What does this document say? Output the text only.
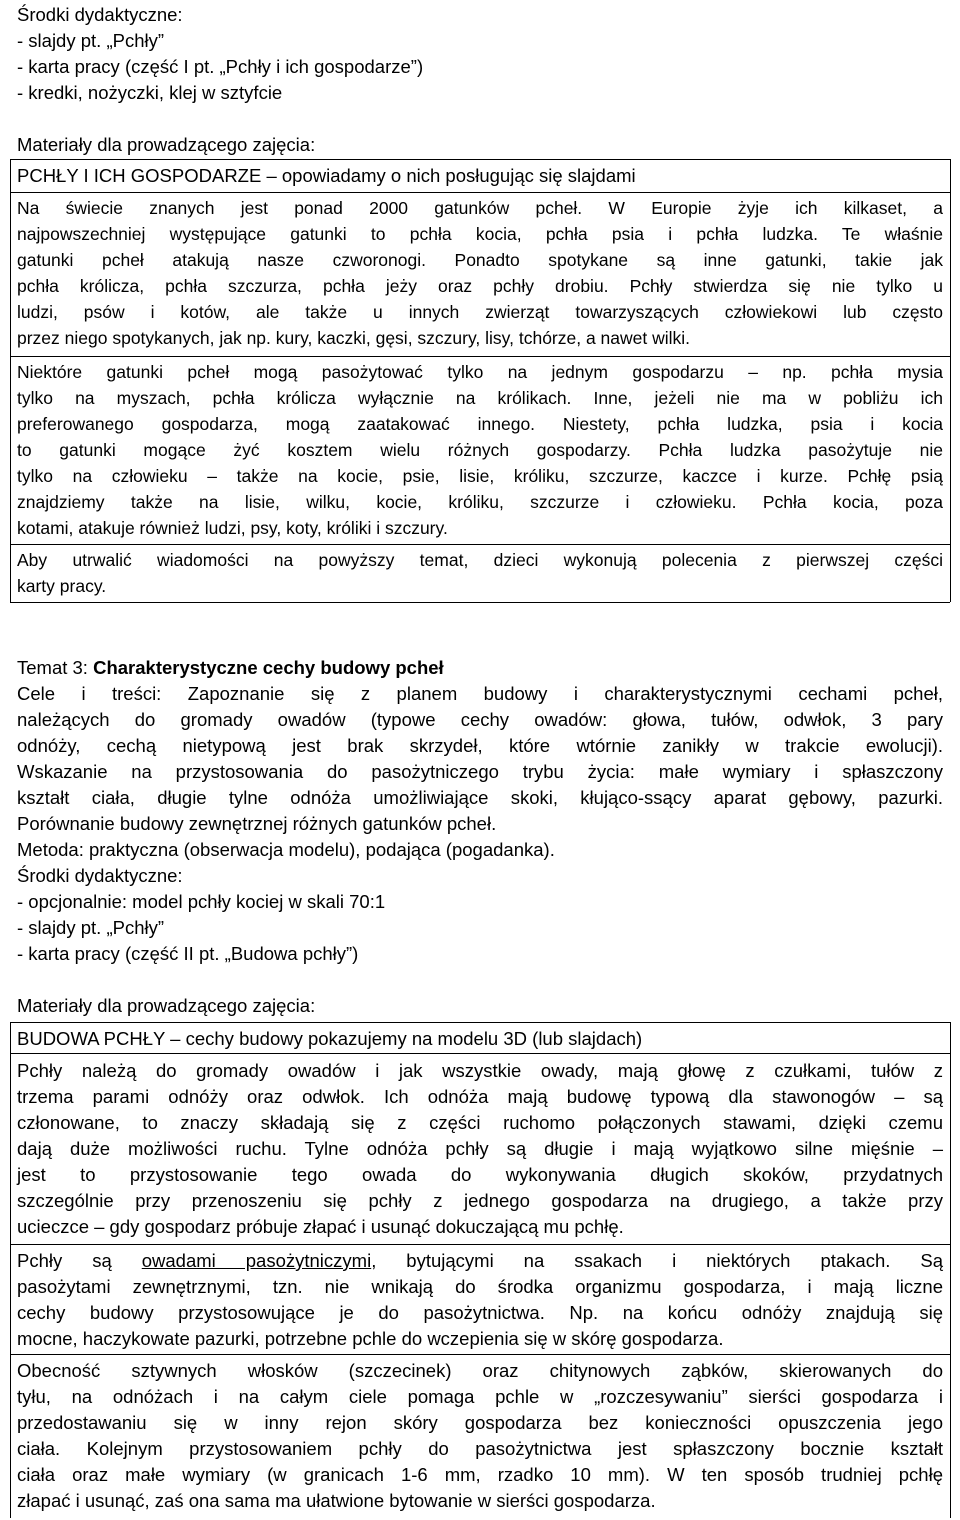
Środki dydaktyczne:
- slajdy pt. „Pchły”
- karta pracy (część I pt. „Pchły i ich gospodarze”)
- kredki, nożyczki, klej w sztyfcie
Materiały dla prowadzącego zajęcia:
PCHŁY I ICH GOSPODARZE – opowiadamy o nich posługując się slajdami
Na świecie znanych jest ponad 2000 gatunków pcheł. W Europie żyje ich kilkaset, a
najpowszechniej występujące gatunki to pchła kocia, pchła psia i pchła ludzka. Te właśnie
gatunki pcheł atakują nasze czworonogi. Ponadto spotykane są inne gatunki, takie jak
pchła królicza, pchła szczurza, pchła jeży oraz pchły drobiu. Pchły stwierdza się nie tylko u
ludzi, psów i kotów, ale także u innych zwierząt towarzyszących człowiekowi lub często
przez niego spotykanych, jak np. kury, kaczki, gęsi, szczury, lisy, tchórze, a nawet wilki.
Niektóre gatunki pcheł mogą pasożytować tylko na jednym gospodarzu – np. pchła mysia
tylko na myszach, pchła królicza wyłącznie na królikach. Inne, jeżeli nie ma w pobliżu ich
preferowanego gospodarza, mogą zaatakować innego. Niestety, pchła ludzka, psia i kocia
to gatunki mogące żyć kosztem wielu różnych gospodarzy. Pchła ludzka pasożytuje nie
tylko na człowieku – także na kocie, psie, lisie, króliku, szczurze, kaczce i kurze. Pchłę psią
znajdziemy także na lisie, wilku, kocie, króliku, szczurze i człowieku. Pchła kocia, poza
kotami, atakuje również ludzi, psy, koty, króliki i szczury.
Aby utrwalić wiadomości na powyższy temat, dzieci wykonują polecenia z pierwszej części
karty pracy.
Temat 3: Charakterystyczne cechy budowy pcheł
Cele i treści: Zapoznanie się z planem budowy i charakterystycznymi cechami pcheł,
należących do gromady owadów (typowe cechy owadów: głowa, tułów, odwłok, 3 pary
odnóży, cechą nietypową jest brak skrzydeł, które wtórnie zanikły w trakcie ewolucji).
Wskazanie na przystosowania do pasożytniczego trybu życia: małe wymiary i spłaszczony
kształt ciała, długie tylne odnóża umożliwiające skoki, kłująco-ssący aparat gębowy, pazurki.
Porównanie budowy zewnętrznej różnych gatunków pcheł.
Metoda: praktyczna (obserwacja modelu), podająca (pogadanka).
Środki dydaktyczne:
- opcjonalnie: model pchły kociej w skali 70:1
- slajdy pt. „Pchły”
- karta pracy (część II pt. „Budowa pchły”)
Materiały dla prowadzącego zajęcia:
BUDOWA PCHŁY – cechy budowy pokazujemy na modelu 3D (lub slajdach)
Pchły należą do gromady owadów i jak wszystkie owady, mają głowę z czułkami, tułów z
trzema parami odnóży oraz odwłok. Ich odnóża mają budowę typową dla stawonogów – są
członowane, to znaczy składają się z części ruchomo połączonych stawami, dzięki czemu
dają duże możliwości ruchu. Tylne odnóża pchły są długie i mają wyjątkowo silne mięśnie –
jest to przystosowanie tego owada do wykonywania długich skoków, przydatnych
szczególnie przy przenoszeniu się pchły z jednego gospodarza na drugiego, a także przy
ucieczce – gdy gospodarz próbuje złapać i usunąć dokuczającą mu pchłę.
Pchły są owadami pasożytniczymi, bytującymi na ssakach i niektórych ptakach. Są
pasożytami zewnętrznymi, tzn. nie wnikają do środka organizmu gospodarza, i mają liczne
cechy budowy przystosowujące je do pasożytnictwa. Np. na końcu odnóży znajdują się
mocne, haczykowate pazurki, potrzebne pchle do wczepienia się w skórę gospodarza.
Obecność sztywnych włosków (szczecinek) oraz chitynowych ząbków, skierowanych do
tyłu, na odnóżach i na całym ciele pomaga pchle w „rozczesywaniu” sierści gospodarza i
przedostawaniu się w inny rejon skóry gospodarza bez konieczności opuszczenia jego
ciała. Kolejnym przystosowaniem pchły do pasożytnictwa jest spłaszczony bocznie kształt
ciała oraz małe wymiary (w granicach 1-6 mm, rzadko 10 mm). W ten sposób trudniej pchłę
złapać i usunąć, zaś ona sama ma ułatwione bytowanie w sierści gospodarza.
